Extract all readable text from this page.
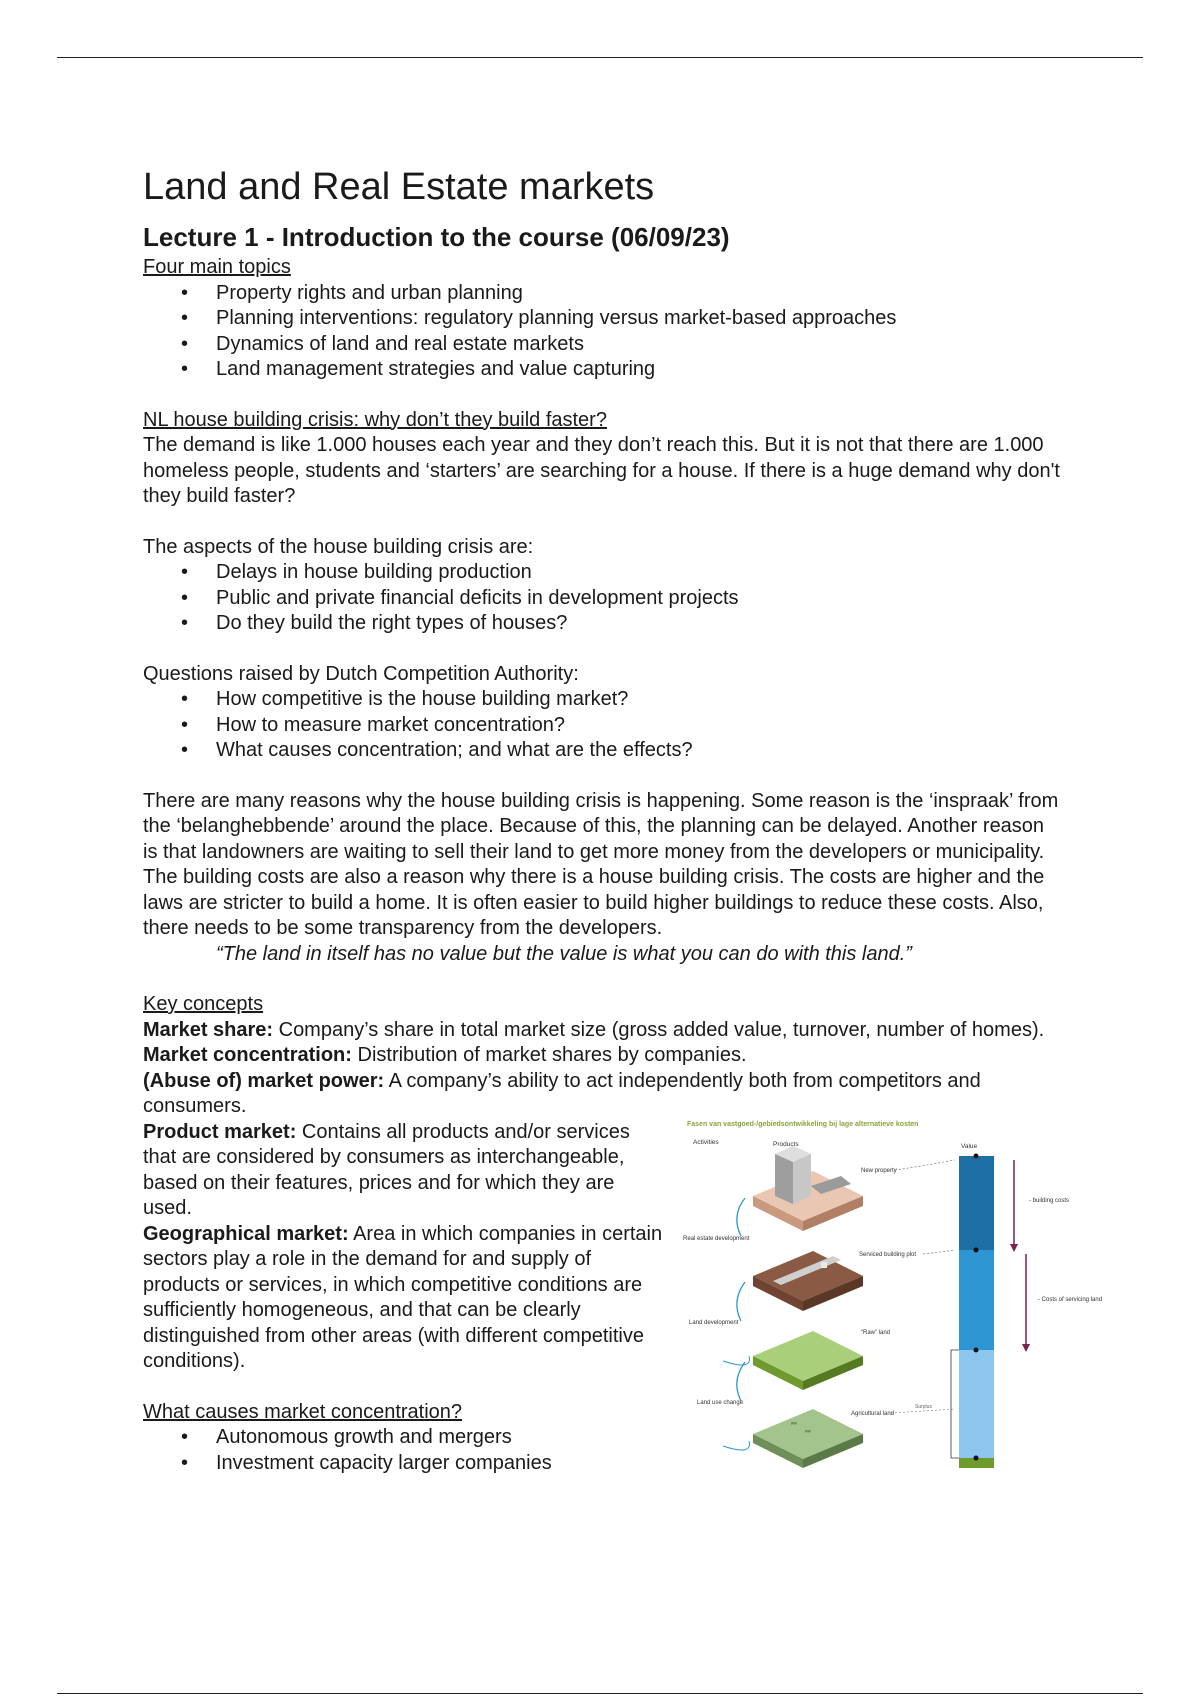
Land and Real Estate markets
Lecture 1 - Introduction to the course (06/09/23)

Four main topics

• Property rights and urban planning
• Planning interventions: regulatory planning versus market-based approaches
• Dynamics of land and real estate markets
• Land management strategies and value capturing

NL house building crisis: why don’t they build faster?

The demand is like 1.000 houses each year and they don’t reach this. But it is not that there are 1.000 homeless people, students and ‘starters’ are searching for a house. If there is a huge demand why don't they build faster?

The aspects of the house building crisis are:

• Delays in house building production
• Public and private financial deficits in development projects
• Do they build the right types of houses?

Questions raised by Dutch Competition Authority:

• How competitive is the house building market?
• How to measure market concentration?
• What causes concentration; and what are the effects?

There are many reasons why the house building crisis is happening. Some reason is the ‘inspraak’ from the ‘belanghebbende’ around the place. Because of this, the planning can be delayed. Another reason is that landowners are waiting to sell their land to get more money from the developers or municipality. The building costs are also a reason why there is a house building crisis. The costs are higher and the laws are stricter to build a home. It is often easier to build higher buildings to reduce these costs. Also, there needs to be some transparency from the developers.

“The land in itself has no value but the value is what you can do with this land.”

Key concepts

Market share: Company’s share in total market size (gross added value, turnover, number of homes).

Market concentration: Distribution of market shares by companies.

(Abuse of) market power: A company’s ability to act independently both from competitors and consumers.

Product market: Contains all products and/or services that are considered by consumers as interchangeable, based on their features, prices and for which they are used.

Geographical market: Area in which companies in certain sectors play a role in the demand for and supply of products or services, in which competitive conditions are sufficiently homogeneous, and that can be clearly distinguished from other areas (with different competitive conditions).

What causes market concentration?

• Autonomous growth and mergers
• Investment capacity larger companies
Fasen van vastgoed-/gebiedsontwikkeling bij lage alternatieve kosten
Activities	Products	Value
- building costs
- Costs of servicing land
Surplus
New property
Serviced building plot
“Raw” land
ʷʷ
ʷʷ
Agricultural land
Real estate development
Land development
Land use change
